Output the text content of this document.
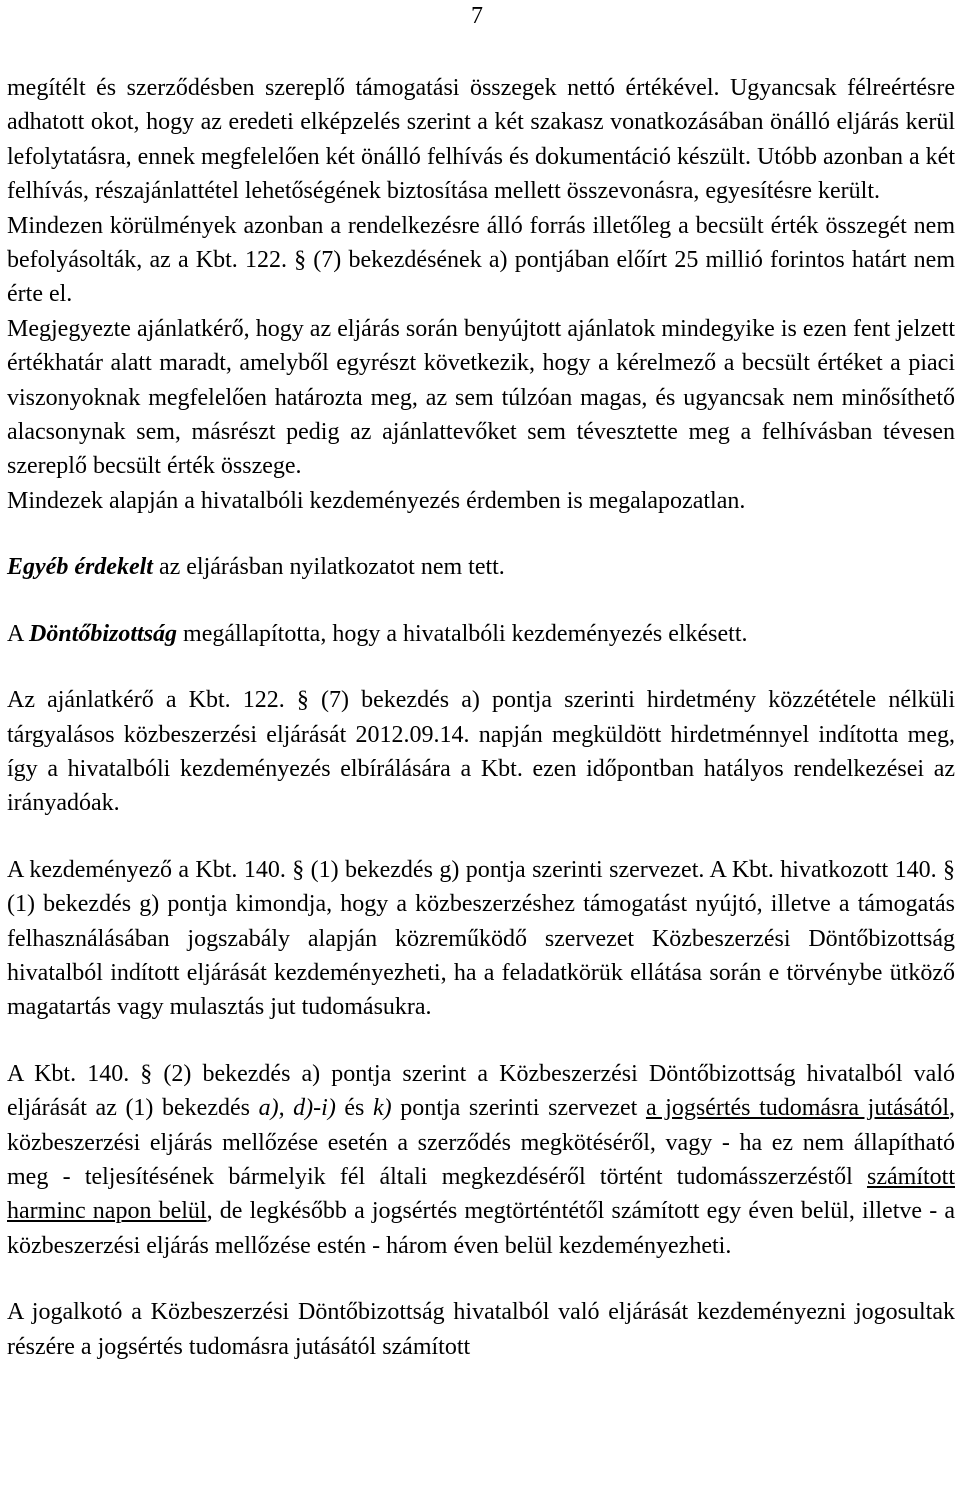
7

megítélt és szerződésben szereplő támogatási összegek nettó értékével. Ugyancsak félreértésre adhatott okot, hogy az eredeti elképzelés szerint a két szakasz vonatkozásában önálló eljárás kerül lefolytatásra, ennek megfelelően két önálló felhívás és dokumentáció készült. Utóbb azonban a két felhívás, részajánlattétel lehetőségének biztosítása mellett összevonásra, egyesítésre került.

Mindezen körülmények azonban a rendelkezésre álló forrás illetőleg a becsült érték összegét nem befolyásolták, az a Kbt. 122. § (7) bekezdésének a) pontjában előírt 25 millió forintos határt nem érte el.

Megjegyezte ajánlatkérő, hogy az eljárás során benyújtott ajánlatok mindegyike is ezen fent jelzett értékhatár alatt maradt, amelyből egyrészt következik, hogy a kérelmező a becsült értéket a piaci viszonyoknak megfelelően határozta meg, az sem túlzóan magas, és ugyancsak nem minősíthető alacsonynak sem, másrészt pedig az ajánlattevőket sem tévesztette meg a felhívásban tévesen szereplő becsült érték összege.

Mindezek alapján a hivatalbóli kezdeményezés érdemben is megalapozatlan.

Egyéb érdekelt az eljárásban nyilatkozatot nem tett.

A Döntőbizottság megállapította, hogy a hivatalbóli kezdeményezés elkésett.

Az ajánlatkérő a Kbt. 122. § (7) bekezdés a) pontja szerinti hirdetmény közzététele nélküli tárgyalásos közbeszerzési eljárását 2012.09.14. napján megküldött hirdetménnyel indította meg, így a hivatalbóli kezdeményezés elbírálására a Kbt. ezen időpontban hatályos rendelkezései az irányadóak.

A kezdeményező a Kbt. 140. § (1) bekezdés g) pontja szerinti szervezet. A Kbt. hivatkozott 140. § (1) bekezdés g) pontja kimondja, hogy a közbeszerzéshez támogatást nyújtó, illetve a támogatás felhasználásában jogszabály alapján közreműködő szervezet Közbeszerzési Döntőbizottság hivatalból indított eljárását kezdeményezheti, ha a feladatkörük ellátása során e törvénybe ütköző magatartás vagy mulasztás jut tudomásukra.

A Kbt. 140. § (2) bekezdés a) pontja szerint a Közbeszerzési Döntőbizottság hivatalból való eljárását az (1) bekezdés a), d)-i) és k) pontja szerinti szervezet a jogsértés tudomásra jutásától, közbeszerzési eljárás mellőzése esetén a szerződés megkötéséről, vagy - ha ez nem állapítható meg - teljesítésének bármelyik fél általi megkezdéséről történt tudomásszerzéstől számított harminc napon belül, de legkésőbb a jogsértés megtörténtétől számított egy éven belül, illetve - a közbeszerzési eljárás mellőzése estén - három éven belül kezdeményezheti.

A jogalkotó a Közbeszerzési Döntőbizottság hivatalból való eljárását kezdeményezni jogosultak részére a jogsértés tudomásra jutásától számított
